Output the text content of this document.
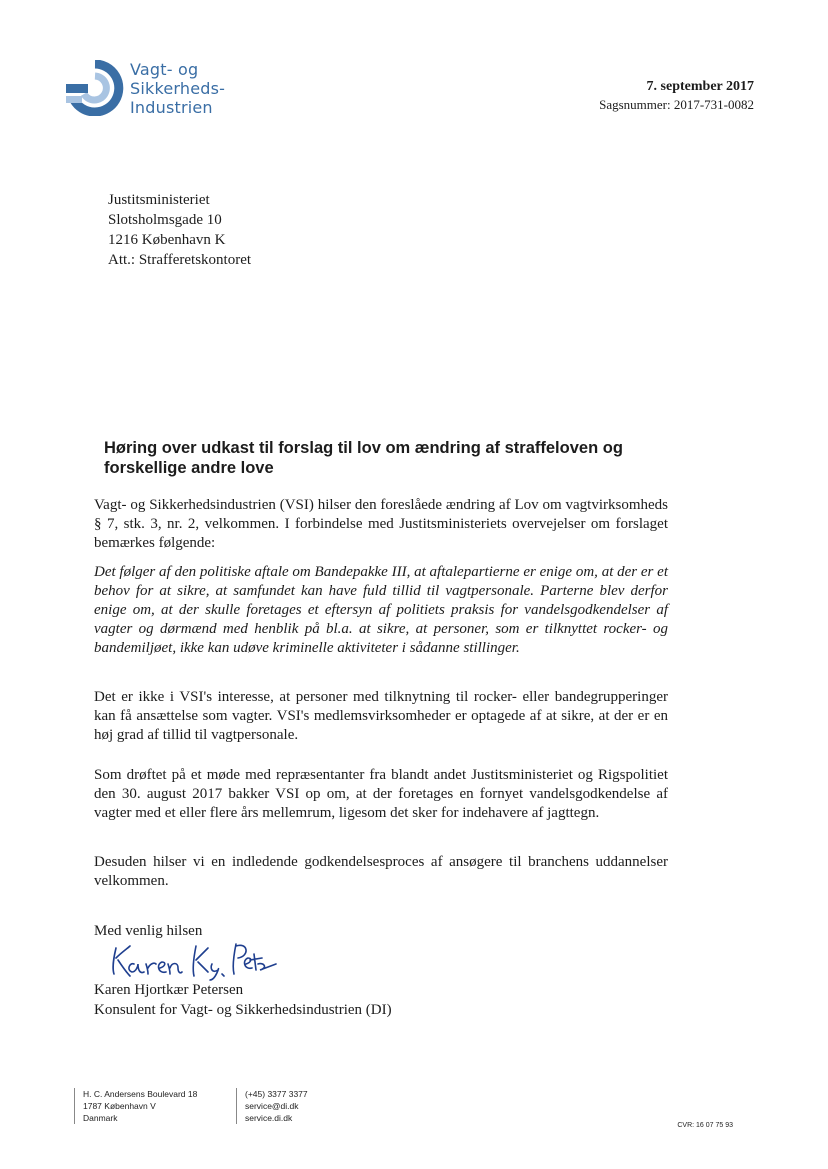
Vagt- og
Sikkerheds-
Industrien
7. september 2017
Sagsnummer: 2017-731-0082
Justitsministeriet
Slotsholmsgade 10
1216 København K
Att.: Strafferetskontoret
Høring over udkast til forslag til lov om ændring af straffeloven og forskellige andre love
Vagt- og Sikkerhedsindustrien (VSI) hilser den foreslåede ændring af Lov om vagtvirksomheds § 7, stk. 3, nr. 2, velkommen. I forbindelse med Justitsministeriets overvejelser om forslaget bemærkes følgende:
Det følger af den politiske aftale om Bandepakke III, at aftalepartierne er enige om, at der er et behov for at sikre, at samfundet kan have fuld tillid til vagtpersonale. Parterne blev derfor enige om, at der skulle foretages et eftersyn af politiets praksis for vandelsgodkendelser af vagter og dørmænd med henblik på bl.a. at sikre, at personer, som er tilknyttet rocker- og bandemiljøet, ikke kan udøve kriminelle aktiviteter i sådanne stillinger.
Det er ikke i VSI's interesse, at personer med tilknytning til rocker- eller bandegrupperinger kan få ansættelse som vagter. VSI's medlemsvirksomheder er optagede af at sikre, at der er en høj grad af tillid til vagtpersonale.
Som drøftet på et møde med repræsentanter fra blandt andet Justitsministeriet og Rigspolitiet den 30. august 2017 bakker VSI op om, at der foretages en fornyet vandelsgodkendelse af vagter med et eller flere års mellemrum, ligesom det sker for indehavere af jagttegn.
Desuden hilser vi en indledende godkendelsesproces af ansøgere til branchens uddannelser velkommen.
Med venlig hilsen
Karen Hjortkær Petersen
Konsulent for Vagt- og Sikkerhedsindustrien (DI)
H. C. Andersens Boulevard 18
1787 København V
Danmark
(+45) 3377 3377
service@di.dk
service.di.dk
CVR: 16 07 75 93
